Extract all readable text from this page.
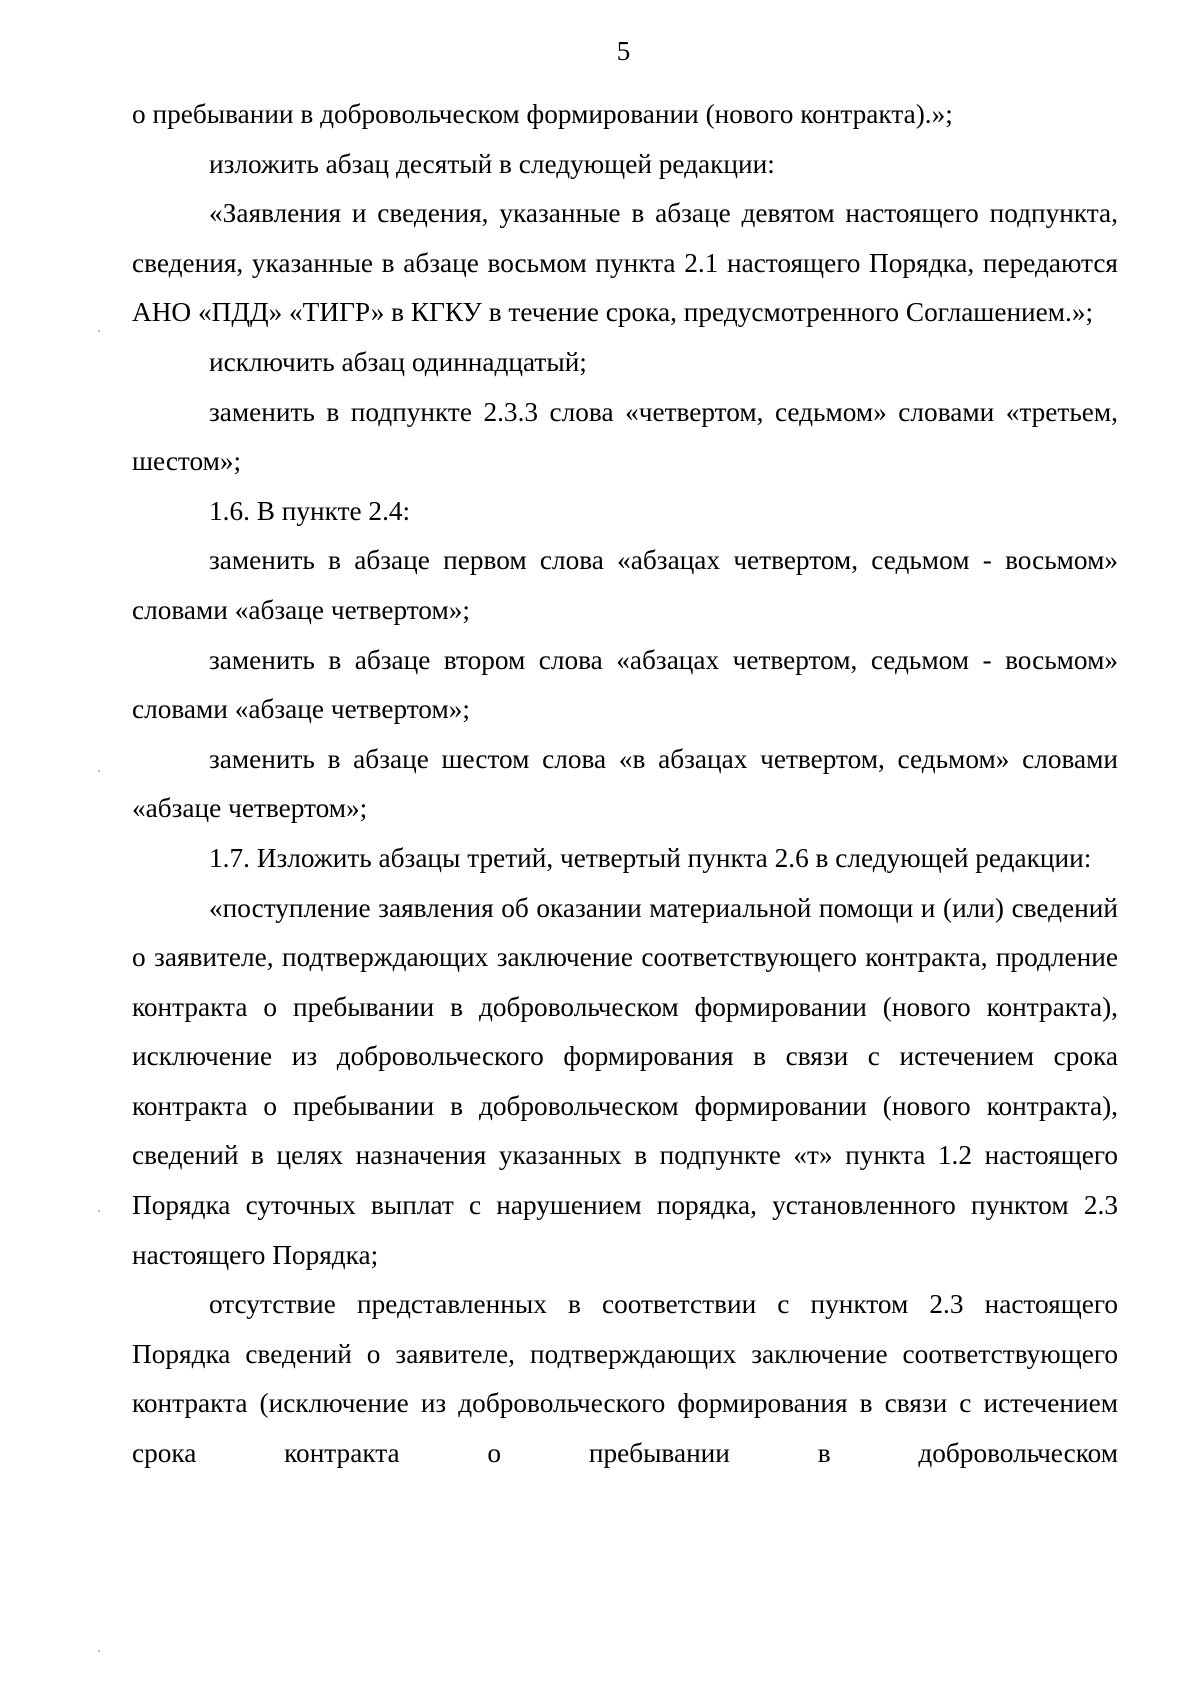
5

о пребывании в добровольческом формировании (нового контракта).»;

изложить абзац десятый в следующей редакции:

«Заявления и сведения, указанные в абзаце девятом настоящего подпункта, сведения, указанные в абзаце восьмом пункта 2.1 настоящего Порядка, передаются АНО «ПДД» «ТИГР» в КГКУ в течение срока, предусмотренного Соглашением.»;

исключить абзац одиннадцатый;

заменить в подпункте 2.3.3 слова «четвертом, седьмом» словами «третьем, шестом»;

1.6. В пункте 2.4:

заменить в абзаце первом слова «абзацах четвертом, седьмом - восьмом» словами «абзаце четвертом»;

заменить в абзаце втором слова «абзацах четвертом, седьмом - восьмом» словами «абзаце четвертом»;

заменить в абзаце шестом слова «в абзацах четвертом, седьмом» словами «абзаце четвертом»;

1.7. Изложить абзацы третий, четвертый пункта 2.6 в следующей редакции:

«поступление заявления об оказании материальной помощи и (или) сведений о заявителе, подтверждающих заключение соответствующего контракта, продление контракта о пребывании в добровольческом формировании (нового контракта), исключение из добровольческого формирования в связи с истечением срока контракта о пребывании в добровольческом формировании (нового контракта), сведений в целях назначения указанных в подпункте «т» пункта 1.2 настоящего Порядка суточных выплат с нарушением порядка, установленного пунктом 2.3 настоящего Порядка;

отсутствие представленных в соответствии с пунктом 2.3 настоящего Порядка сведений о заявителе, подтверждающих заключение соответствующего контракта (исключение из добровольческого формирования в связи с истечением срока контракта о пребывании в добровольческом
